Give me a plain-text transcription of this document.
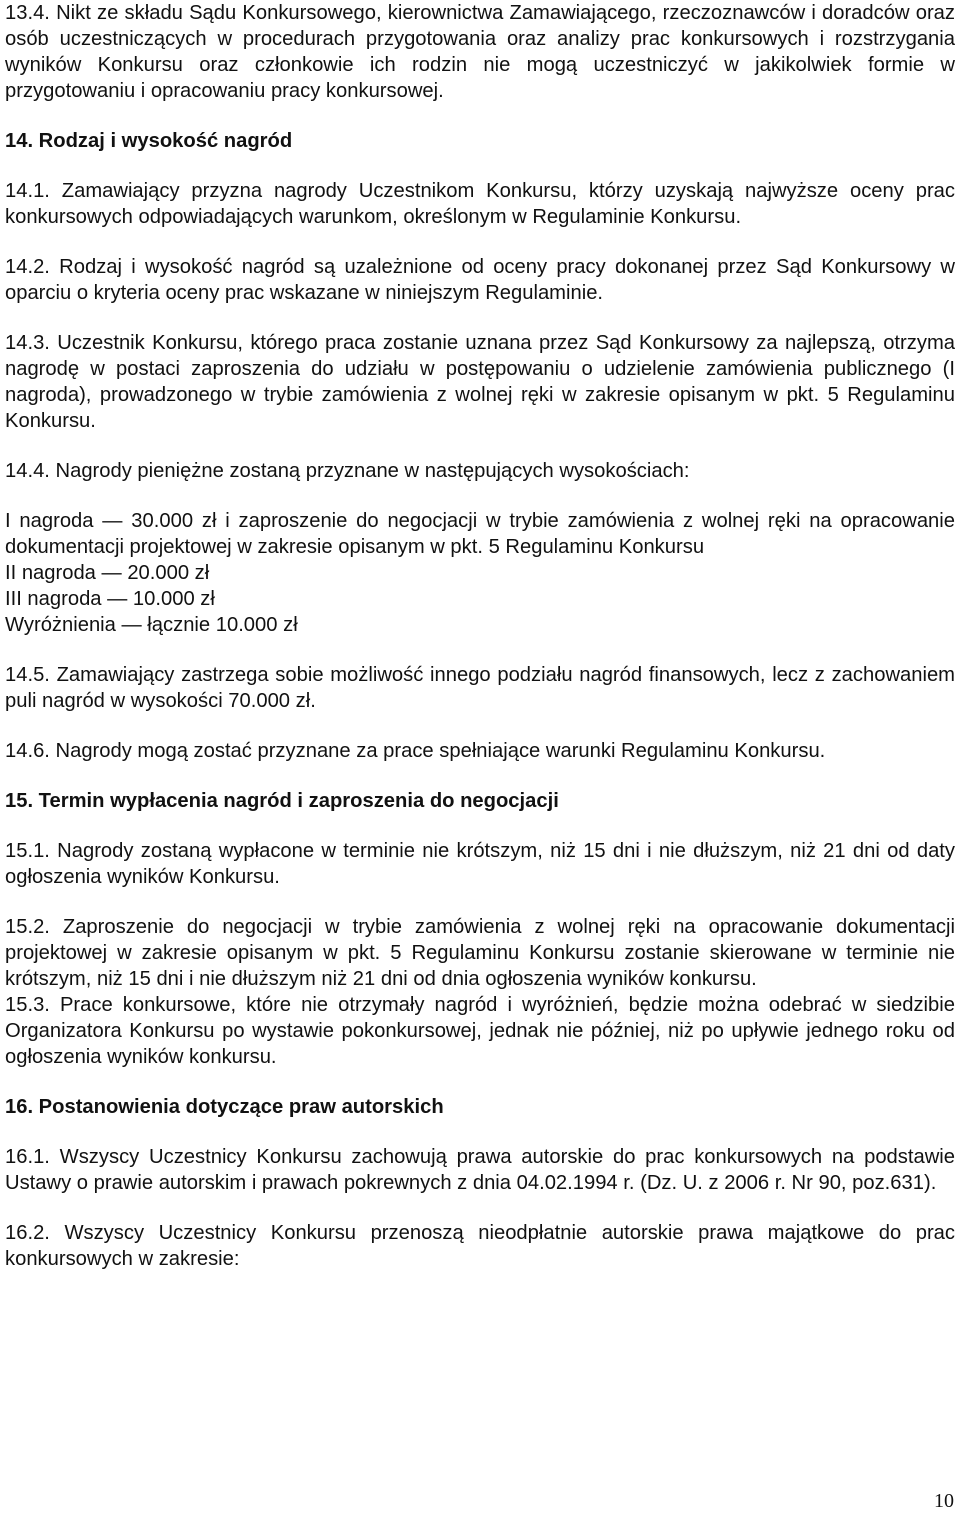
13.4. Nikt ze składu Sądu Konkursowego, kierownictwa Zamawiającego, rzeczoznawców i doradców oraz osób uczestniczących w procedurach przygotowania oraz analizy prac konkursowych i rozstrzygania wyników Konkursu oraz członkowie ich rodzin nie mogą uczestniczyć w jakikolwiek formie w przygotowaniu i opracowaniu pracy konkursowej.

14. Rodzaj i wysokość nagród

14.1. Zamawiający przyzna nagrody Uczestnikom Konkursu, którzy uzyskają najwyższe oceny prac konkursowych odpowiadających warunkom, określonym w Regulaminie Konkursu.

14.2. Rodzaj i wysokość nagród są uzależnione od oceny pracy dokonanej przez Sąd Konkursowy w oparciu o kryteria oceny prac wskazane w niniejszym Regulaminie.

14.3. Uczestnik Konkursu, którego praca zostanie uznana przez Sąd Konkursowy za najlepszą, otrzyma nagrodę w postaci zaproszenia do udziału w postępowaniu o udzielenie zamówienia publicznego (I nagroda), prowadzonego w trybie zamówienia z wolnej ręki w zakresie opisanym w pkt. 5 Regulaminu Konkursu.

14.4. Nagrody pieniężne zostaną przyznane w następujących wysokościach:

I nagroda — 30.000 zł i zaproszenie do negocjacji w trybie zamówienia z wolnej ręki na opracowanie dokumentacji projektowej w zakresie opisanym w pkt. 5 Regulaminu Konkursu

II nagroda — 20.000 zł

III nagroda — 10.000 zł

Wyróżnienia — łącznie 10.000 zł

14.5. Zamawiający zastrzega sobie możliwość innego podziału nagród finansowych, lecz z zachowaniem puli nagród w wysokości 70.000 zł.

14.6. Nagrody mogą zostać przyznane za prace spełniające warunki Regulaminu Konkursu.

15. Termin wypłacenia nagród i zaproszenia do negocjacji

15.1. Nagrody zostaną wypłacone w terminie nie krótszym, niż 15 dni i nie dłuższym, niż 21 dni od daty ogłoszenia wyników Konkursu.

15.2. Zaproszenie do negocjacji w trybie zamówienia z wolnej ręki na opracowanie dokumentacji projektowej w zakresie opisanym w pkt. 5 Regulaminu Konkursu zostanie skierowane w terminie nie krótszym, niż 15 dni i nie dłuższym niż 21 dni od dnia ogłoszenia wyników konkursu.

15.3. Prace konkursowe, które nie otrzymały nagród i wyróżnień, będzie można odebrać w siedzibie Organizatora Konkursu po wystawie pokonkursowej, jednak nie później, niż po upływie jednego roku od ogłoszenia wyników konkursu.

16. Postanowienia dotyczące praw autorskich

16.1. Wszyscy Uczestnicy Konkursu zachowują prawa autorskie do prac konkursowych na podstawie Ustawy o prawie autorskim i prawach pokrewnych z dnia 04.02.1994 r. (Dz. U. z 2006 r. Nr 90, poz.631).

16.2. Wszyscy Uczestnicy Konkursu przenoszą nieodpłatnie autorskie prawa majątkowe do prac konkursowych w zakresie:

10
